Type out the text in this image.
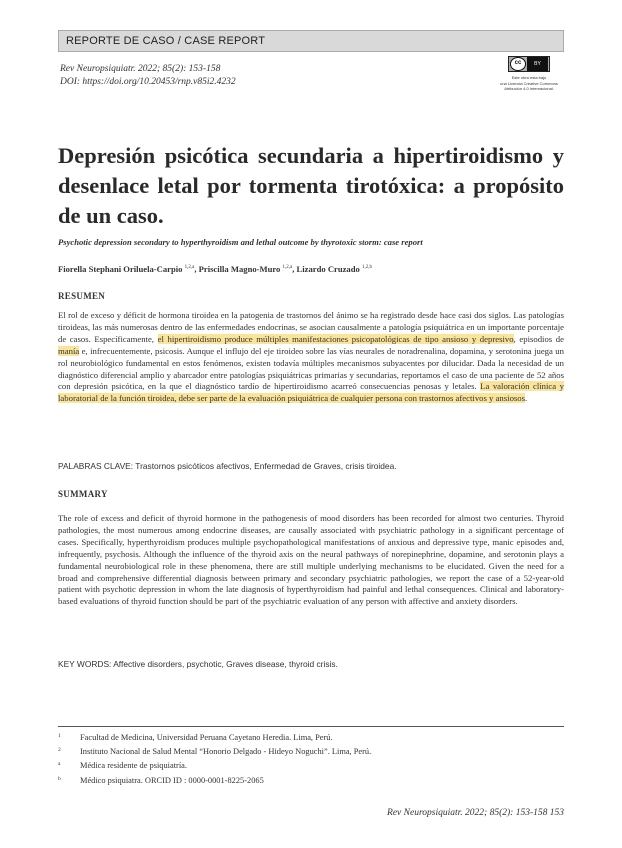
REPORTE DE CASO / CASE REPORT
Rev Neuropsiquiatr. 2022; 85(2): 153-158
DOI: https://doi.org/10.20453/rnp.v85i2.4232
cc	BY
Este obra esta bajo
una Licencia Creative Commons
Atribución 4.0 Internacional.
Depresión psicótica secundaria a hipertiroidismo y desenlace letal por tormenta tirotóxica: a propósito de un caso.
Psychotic depression secondary to hyperthyroidism and lethal outcome by thyrotoxic storm: case report
Fiorella Stephani Oriluela-Carpio $^{1,2,a}$, Priscilla Magno-Muro $^{1,2,a}$, Lizardo Cruzado $^{1,2,b}$
RESUMEN

El rol de exceso y déficit de hormona tiroidea en la patogenia de trastornos del ánimo se ha registrado desde hace casi dos siglos. Las patologías tiroideas, las más numerosas dentro de las enfermedades endocrinas, se asocian causalmente a patología psiquiátrica en un importante porcentaje de casos. Específicamente, el hipertiroidismo produce múltiples manifestaciones psicopatológicas de tipo ansioso y depresivo, episodios de manía e, infrecuentemente, psicosis. Aunque el influjo del eje tiroideo sobre las vías neurales de noradrenalina, dopamina, y serotonina juega un rol neurobiológico fundamental en estos fenómenos, existen todavía múltiples mecanismos subyacentes por dilucidar. Dada la necesidad de un diagnóstico diferencial amplio y abarcador entre patologías psiquiátricas primarias y secundarias, reportamos el caso de una paciente de 52 años con depresión psicótica, en la que el diagnóstico tardío de hipertiroidismo acarreó consecuencias penosas y letales. La valoración clínica y laboratorial de la función tiroidea, debe ser parte de la evaluación psiquiátrica de cualquier persona con trastornos afectivos y ansiosos.

PALABRAS CLAVE: Trastornos psicóticos afectivos, Enfermedad de Graves, crisis tiroidea.
SUMMARY

The role of excess and deficit of thyroid hormone in the pathogenesis of mood disorders has been recorded for almost two centuries. Thyroid pathologies, the most numerous among endocrine diseases, are causally associated with psychiatric pathology in a significant percentage of cases. Specifically, hyperthyroidism produces multiple psychopathological manifestations of anxious and depressive type, manic episodes and, infrequently, psychosis. Although the influence of the thyroid axis on the neural pathways of norepinephrine, dopamine, and serotonin plays a fundamental neurobiological role in these phenomena, there are still multiple underlying mechanisms to be elucidated. Given the need for a broad and comprehensive differential diagnosis between primary and secondary psychiatric pathologies, we report the case of a 52-year-old patient with psychotic depression in whom the late diagnosis of hyperthyroidism had painful and lethal consequences. Clinical and laboratory-based evaluations of thyroid function should be part of the psychiatric evaluation of any person with affective and anxiety disorders.

KEY WORDS: Affective disorders, psychotic, Graves disease, thyroid crisis.
1	Facultad de Medicina, Universidad Peruana Cayetano Heredia. Lima, Perú.
2	Instituto Nacional de Salud Mental “Honorio Delgado - Hideyo Noguchi”. Lima, Perú.
a	Médica residente de psiquiatría.
b	Médico psiquiatra. ORCID ID : 0000-0001-8225-2065
Rev Neuropsiquiatr. 2022; 85(2): 153-158 153
